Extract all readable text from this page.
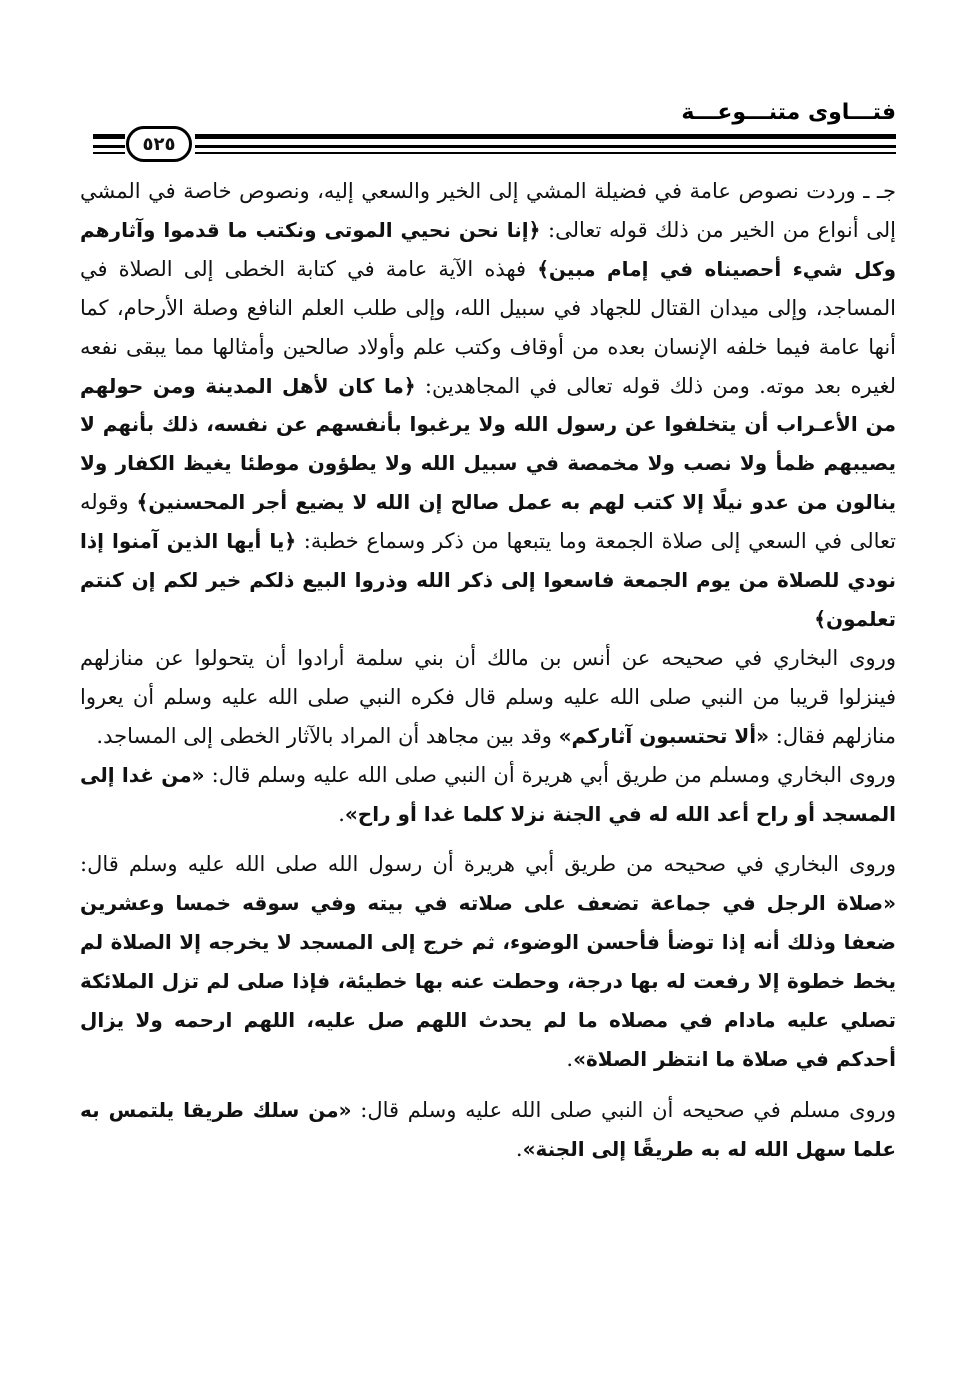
فتـــاوى متنـــوعـــة
٥٢٥

جـ ـ وردت نصوص عامة في فضيلة المشي إلى الخير والسعي إليه، ونصوص خاصة في المشي إلى أنواع من الخير من ذلك قوله تعالى: ﴿إنا نحن نحيي الموتى ونكتب ما قدموا وآثارهم وكل شيء أحصيناه في إمام مبين﴾ فهذه الآية عامة في كتابة الخطى إلى الصلاة في المساجد، وإلى ميدان القتال للجهاد في سبيل الله، وإلى طلب العلم النافع وصلة الأرحام، كما أنها عامة فيما خلفه الإنسان بعده من أوقاف وكتب علم وأولاد صالحين وأمثالها مما يبقى نفعه لغيره بعد موته. ومن ذلك قوله تعالى في المجاهدين: ﴿ما كان لأهل المدينة ومن حولهم من الأعـراب أن يتخلفوا عن رسول الله ولا يرغبوا بأنفسهم عن نفسه، ذلك بأنهم لا يصيبهم ظمأ ولا نصب ولا مخمصة في سبيل الله ولا يطؤون موطئا يغيظ الكفار ولا ينالون من عدو نيلًا إلا كتب لهم به عمل صالح إن الله لا يضيع أجر المحسنين﴾ وقوله تعالى في السعي إلى صلاة الجمعة وما يتبعها من ذكر وسماع خطبة: ﴿يا أيها الذين آمنوا إذا نودي للصلاة من يوم الجمعة فاسعوا إلى ذكر الله وذروا البيع ذلكم خير لكم إن كنتم تعلمون﴾

وروى البخاري في صحيحه عن أنس بن مالك أن بني سلمة أرادوا أن يتحولوا عن منازلهم فينزلوا قريبا من النبي صلى الله عليه وسلم قال فكره النبي صلى الله عليه وسلم أن يعروا منازلهم فقال: «ألا تحتسبون آثاركم» وقد بين مجاهد أن المراد بالآثار الخطى إلى المساجد.

وروى البخاري ومسلم من طريق أبي هريرة أن النبي صلى الله عليه وسلم قال: «من غدا إلى المسجد أو راح أعد الله له في الجنة نزلا كلما غدا أو راح».

وروى البخاري في صحيحه من طريق أبي هريرة أن رسول الله صلى الله عليه وسلم قال: «صلاة الرجل في جماعة تضعف على صلاته في بيته وفي سوقه خمسا وعشرين ضعفا وذلك أنه إذا توضأ فأحسن الوضوء، ثم خرج إلى المسجد لا يخرجه إلا الصلاة لم يخط خطوة إلا رفعت له بها درجة، وحطت عنه بها خطيئة، فإذا صلى لم تزل الملائكة تصلي عليه مادام في مصلاه ما لم يحدث اللهم صل عليه، اللهم ارحمه ولا يزال أحدكم في صلاة ما انتظر الصلاة».

وروى مسلم في صحيحه أن النبي صلى الله عليه وسلم قال: «من سلك طريقا يلتمس به علما سهل الله له به طريقًا إلى الجنة».
